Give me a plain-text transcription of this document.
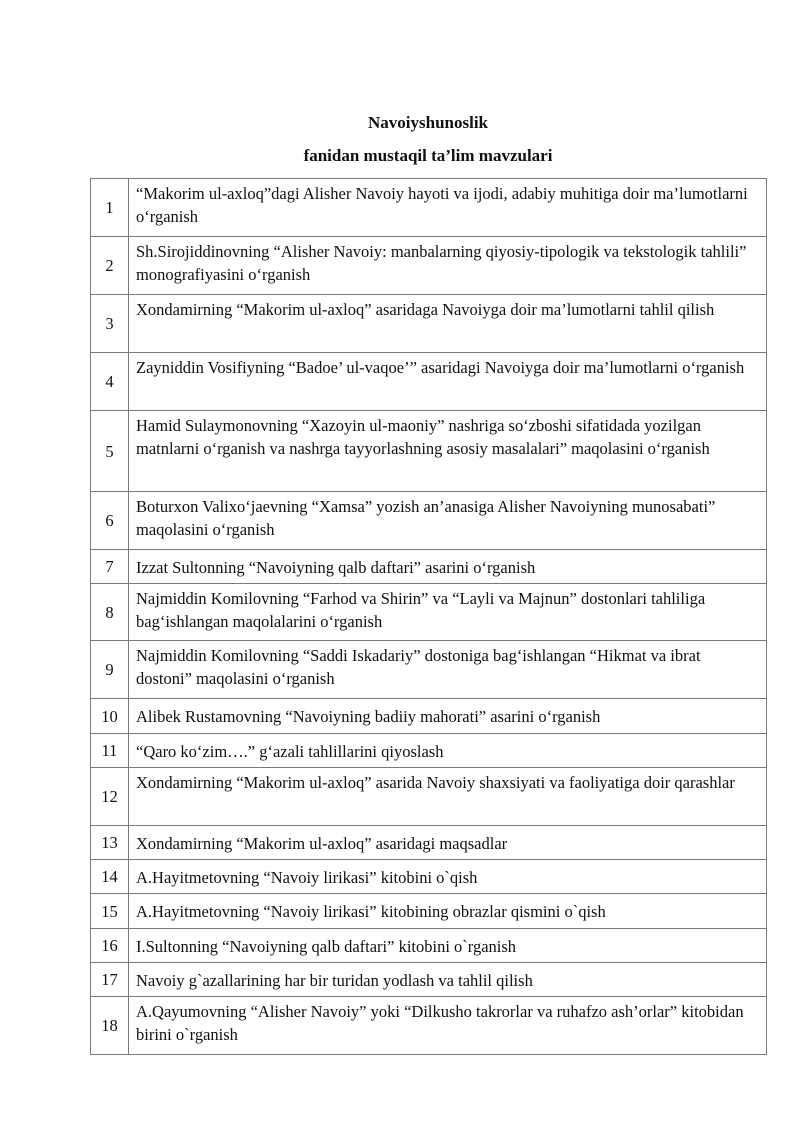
Navoiyshunoslik
fanidan mustaqil ta’lim mavzulari
1	“Makorim ul-axloq”dagi Alisher Navoiy hayoti va ijodi, adabiy muhitiga doir ma’lumotlarni o‘rganish
2	Sh.Sirojiddinovning “Alisher Navoiy: manbalarning qiyosiy-tipologik va tekstologik tahlili” monografiyasini o‘rganish
3	Xondamirning “Makorim ul-axloq” asaridaga Navoiyga doir ma’lumotlarni tahlil qilish
4	Zayniddin Vosifiyning “Badoe’ ul-vaqoe’” asaridagi Navoiyga doir ma’lumotlarni o‘rganish
5	Hamid Sulaymonovning “Xazoyin ul-maoniy” nashriga so‘zboshi sifatidada yozilgan matnlarni o‘rganish va nashrga tayyorlashning asosiy masalalari” maqolasini o‘rganish
6	Boturxon Valixo‘jaevning “Xamsa” yozish an’anasiga Alisher Navoiyning munosabati” maqolasini o‘rganish
7	Izzat Sultonning “Navoiyning qalb daftari” asarini o‘rganish
8	Najmiddin Komilovning “Farhod va Shirin” va “Layli va Majnun” dostonlari tahliliga bag‘ishlangan maqolalarini o‘rganish
9	Najmiddin Komilovning “Saddi Iskadariy” dostoniga bag‘ishlangan “Hikmat va ibrat dostoni” maqolasini o‘rganish
10	Alibek Rustamovning “Navoiyning badiiy mahorati” asarini o‘rganish
11	“Qaro ko‘zim….” g‘azali tahlillarini qiyoslash
12	Xondamirning “Makorim ul-axloq” asarida Navoiy shaxsiyati va faoliyatiga doir qarashlar
13	Xondamirning “Makorim ul-axloq” asaridagi maqsadlar
14	A.Hayitmetovning “Navoiy lirikasi” kitobini o`qish
15	A.Hayitmetovning “Navoiy lirikasi” kitobining obrazlar qismini o`qish
16	I.Sultonning “Navoiyning qalb daftari” kitobini o`rganish
17	Navoiy g`azallarining har bir turidan yodlash va tahlil qilish
18	A.Qayumovning “Alisher Navoiy” yoki “Dilkusho takrorlar va ruhafzo ash’orlar” kitobidan birini o`rganish
